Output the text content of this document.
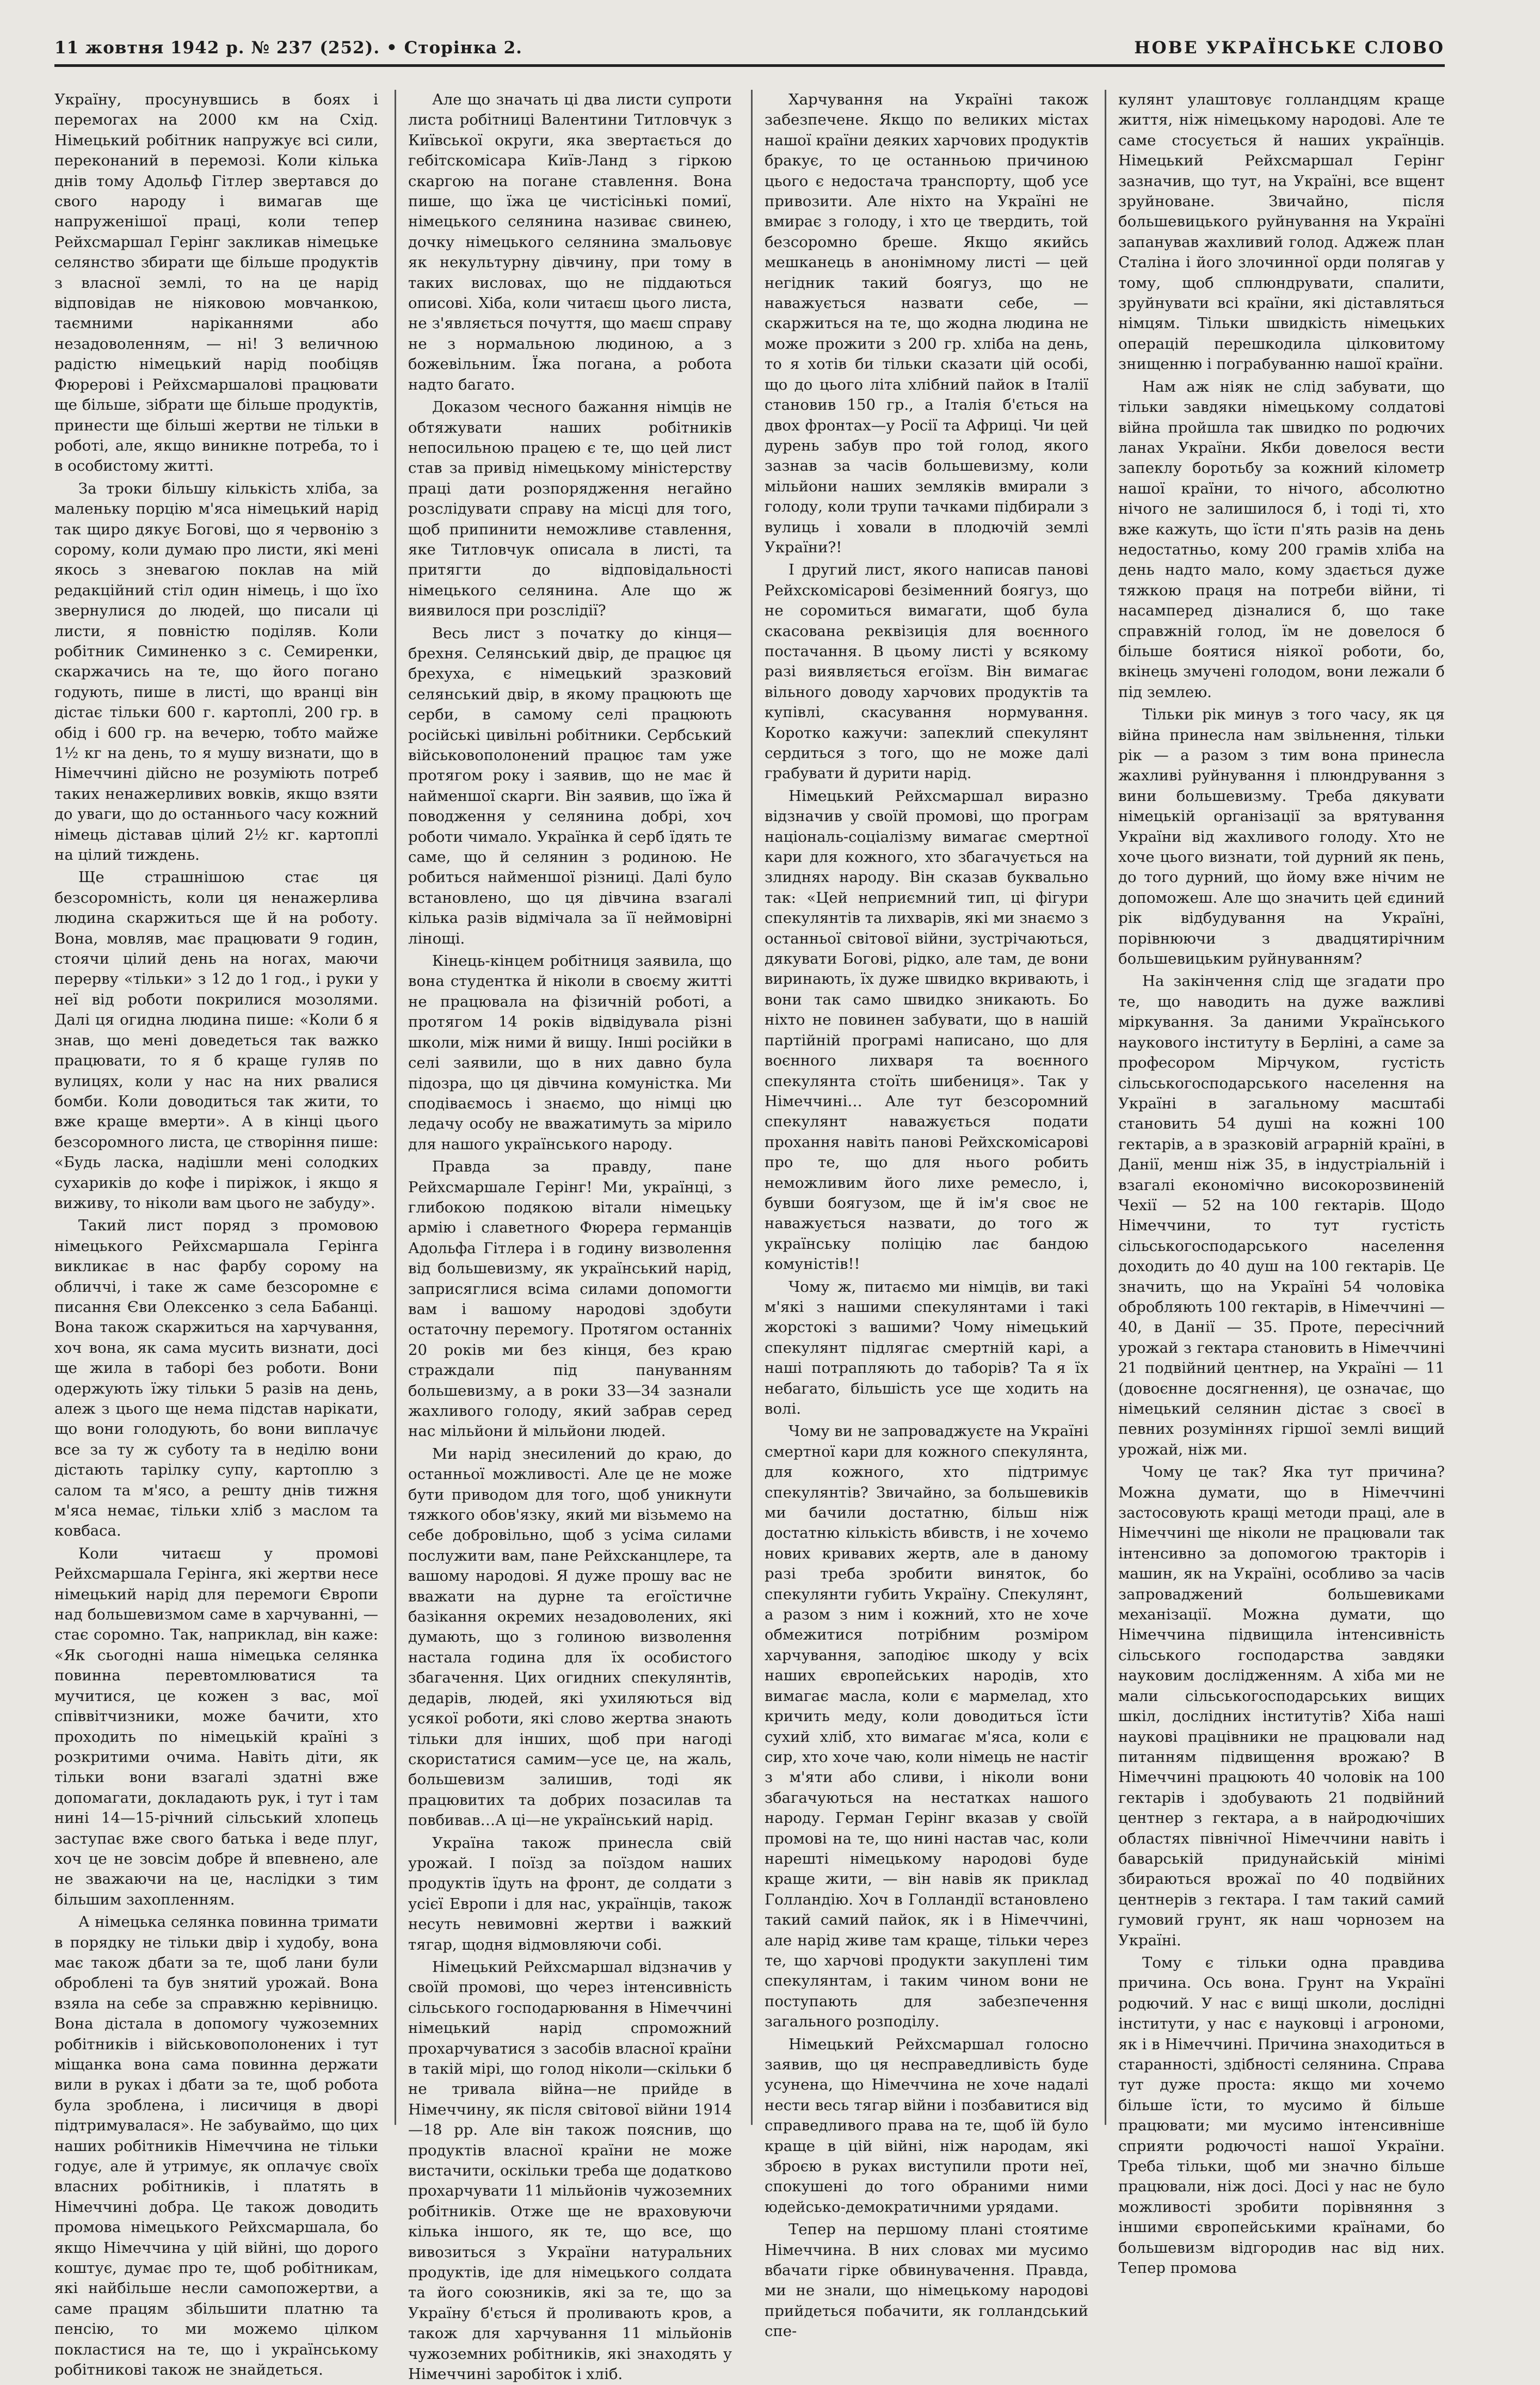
11 жовтня 1942 р. № 237 (252). • Сторінка 2.	НОВЕ УКРАЇНСЬКЕ СЛОВО

Україну, просунувшись в боях і перемогах на 2000 км на Схід. Німецький робітник напружує всі сили, переконаний в перемозі. Коли кілька днів тому Адольф Гітлер звертався до свого народу і вимагав ще напруженішої праці, коли тепер Рейхсмаршал Герінг закликав німецьке селянство збирати ще більше продуктів з власної землі, то на це нарід відповідав не ніяковою мовчанкою, таємними наріканнями або незадоволенням, — ні! З величною радістю німецький нарід пообіцяв Фюрерові і Рейхсмаршалові працювати ще більше, зібрати ще більше продуктів, принести ще більші жертви не тільки в роботі, але, якщо виникне потреба, то і в особистому житті.

За троки більшу кількість хліба, за маленьку порцію м'яса німецький нарід так щиро дякує Богові, що я червонію з сорому, коли думаю про листи, які мені якось з зневагою поклав на мій редакційний стіл один німець, і що їхо звернулися до людей, що писали ці листи, я повністю поділяв. Коли робітник Симиненко з с. Семиренки, скаржачись на те, що його погано годують, пише в листі, що вранці він дістає тільки 600 г. картоплі, 200 гр. в обід і 600 гр. на вечерю, тобто майже 1½ кг на день, то я мушу визнати, що в Німеччині дійсно не розуміють потреб таких ненажерливих вовків, якщо взяти до уваги, що до останнього часу кожний німець діставав цілий 2½ кг. картоплі на цілий тиждень.

Ще страшнішою стає ця безсоромність, коли ця ненажерлива людина скаржиться ще й на роботу. Вона, мовляв, має працювати 9 годин, стоячи цілий день на ногах, маючи перерву «тільки» з 12 до 1 год., і руки у неї від роботи покрилися мозолями. Далі ця огидна людина пише: «Коли б я знав, що мені доведеться так важко працювати, то я б краще гуляв по вулицях, коли у нас на них рвалися бомби. Коли доводиться так жити, то вже краще вмерти». А в кінці цього безсоромного листа, це створіння пише: «Будь ласка, надішли мені солодких сухариків до кофе і пиріжок, і якщо я виживу, то ніколи вам цього не забуду».

Такий лист поряд з промовою німецького Рейхсмаршала Герінга викликає в нас фарбу сорому на обличчі, і таке ж саме безсоромне є писання Єви Олексенко з села Бабанці. Вона також скаржиться на харчування, хоч вона, як сама мусить визнати, досі ще жила в таборі без роботи. Вони одержують їжу тільки 5 разів на день, алеж з цього ще нема підстав нарікати, що вони голодують, бо вони виплачує все за ту ж суботу та в неділю вони дістають тарілку супу, картоплю з салом та м'ясо, а решту днів тижня м'яса немає, тільки хліб з маслом та ковбаса.

Коли читаєш у промові Рейхсмаршала Герінга, які жертви несе німецький нарід для перемоги Європи над большевизмом саме в харчуванні, — стає соромно. Так, наприклад, він каже: «Як сьогодні наша німецька селянка повинна перевтомлюватися та мучитися, це кожен з вас, мої співвітчизники, може бачити, хто проходить по німецькій країні з розкритими очима. Навіть діти, як тільки вони взагалі здатні вже допомагати, докладають рук, і тут і там нині 14—15-річний сільський хлопець заступає вже свого батька і веде плуг, хоч це не зовсім добре й впевнено, але не зважаючи на це, наслідки з тим більшим захопленням.

А німецька селянка повинна тримати в порядку не тільки двір і худобу, вона має також дбати за те, щоб лани були оброблені та був знятий урожай. Вона взяла на себе за справжню керівницю. Вона дістала в допомогу чужоземних робітників і військовополонених і тут міщанка вона сама повинна держати вили в руках і дбати за те, щоб робота була зроблена, і лисичиця в дворі підтримувалася». Не забуваймо, що цих наших робітників Німеччина не тільки годує, але й утримує, як оплачує своїх власних робітників, і платять в Німеччині добра. Це також доводить промова німецького Рейхсмаршала, бо якщо Німеччина у цій війні, що дорого коштує, думає про те, щоб робітникам, які найбільше несли самопожертви, а саме працям збільшити платню та пенсію, то ми можемо цілком покластися на те, що і українському робітникові також не знайдеться.

Але що значать ці два листи супроти листа робітниці Валентини Титловчук з Київської округи, яка звертається до гебітскомісара Київ-Ланд з гіркою скаргою на погане ставлення. Вона пише, що їжа це чистісінькі помиї, німецького селянина називає свинею, дочку німецького селянина змальовує як некультурну дівчину, при тому в таких висловах, що не піддаються описові. Хіба, коли читаєш цього листа, не з'являється почуття, що маєш справу не з нормальною людиною, а з божевільним. Їжа погана, а робота надто багато.

Доказом чесного бажання німців не обтяжувати наших робітників непосильною працею є те, що цей лист став за привід німецькому міністерству праці дати розпорядження негайно розслідувати справу на місці для того, щоб припинити неможливе ставлення, яке Титловчук описала в листі, та притягти до відповідальності німецького селянина. Але що ж виявилося при розслідії?

Весь лист з початку до кінця—брехня. Селянський двір, де працює ця брехуха, є німецький зразковий селянський двір, в якому працюють ще серби, в самому селі працюють російські цивільні робітники. Сербський військовополонений працює там уже протягом року і заявив, що не має й найменшої скарги. Він заявив, що їжа й поводження у селянина добрі, хоч роботи чимало. Українка й серб їдять те саме, що й селянин з родиною. Не робиться найменшої різниці. Далі було встановлено, що ця дівчина взагалі кілька разів відмічала за її неймовірні лінощі.

Кінець-кінцем робітниця заявила, що вона студентка й ніколи в своєму житті не працювала на фізичній роботі, а протягом 14 років відвідувала різні школи, між ними й вищу. Інші російки в селі заявили, що в них давно була підозра, що ця дівчина комуністка. Ми сподіваємось і знаємо, що німці цю ледачу особу не вважатимуть за мірило для нашого українського народу.

Правда за правду, пане Рейхсмаршале Герінг! Ми, українці, з глибокою подякою вітали німецьку армію і славетного Фюрера германців Адольфа Гітлера і в годину визволення від большевизму, як український нарід, заприсяглися всіма силами допомогти вам і вашому народові здобути остаточну перемогу. Протягом останніх 20 років ми без кінця, без краю страждали під пануванням большевизму, а в роки 33—34 зазнали жахливого голоду, який забрав серед нас мільйони й мільйони людей.

Ми нарід знесилений до краю, до останньої можливості. Але це не може бути приводом для того, щоб уникнути тяжкого обов'язку, який ми візьмемо на себе добровільно, щоб з усіма силами послужити вам, пане Рейхсканцлере, та вашому народові. Я дуже прошу вас не вважати на дурне та егоїстичне базікання окремих незадоволених, які думають, що з голиною визволення настала година для їх особистого збагачення. Цих огидних спекулянтів, дедарів, людей, які ухиляються від усякої роботи, які слово жертва знають тільки для інших, щоб при нагоді скористатися самим—усе це, на жаль, большевизм залишив, тоді як працювитих та добрих позасилав та повбивав…А ці—не український нарід.

Україна також принесла свій урожай. І поїзд за поїздом наших продуктів їдуть на фронт, де солдати з усієї Европи і для нас, українців, також несуть невимовні жертви і важкий тягар, щодня відмовляючи собі.

Німецький Рейхсмаршал відзначив у своїй промові, що через інтенсивність сільського господарювання в Німеччині німецький нарід спроможний прохарчуватися з засобів власної країни в такій мірі, що голод ніколи—скільки б не тривала війна—не прийде в Німеччину, як після світової війни 1914—18 рр. Але він також пояснив, що продуктів власної країни не може вистачити, оскільки треба ще додатково прохарчувати 11 мільйонів чужоземних робітників. Отже ще не враховуючи кілька іншого, як те, що все, що вивозиться з України натуральних продуктів, іде для німецького солдата та його союзників, які за те, що за Україну б'ється й проливають кров, а також для харчування 11 мільйонів чужоземних робітників, які знаходять у Німеччині заробіток і хліб.

Харчування на Україні також забезпечене. Якщо по великих містах нашої країни деяких харчових продуктів бракує, то це останньою причиною цього є недостача транспорту, щоб усе привозити. Але ніхто на Україні не вмирає з голоду, і хто це твердить, той безсоромно бреше. Якщо якийсь мешканець в анонімному листі — цей негідник такий боягуз, що не наважується назвати себе, — скаржиться на те, що жодна людина не може прожити з 200 гр. хліба на день, то я хотів би тільки сказати цій особі, що до цього літа хлібний пайок в Італії становив 150 гр., а Італія б'ється на двох фронтах—у Росії та Африці. Чи цей дурень забув про той голод, якого зазнав за часів большевизму, коли мільйони наших земляків вмирали з голоду, коли трупи тачками підбирали з вулиць і ховали в плодючій землі України?!

І другий лист, якого написав панові Рейхскомісарові безіменний боягуз, що не соромиться вимагати, щоб була скасована реквізиція для воєнного постачання. В цьому листі у всякому разі виявляється егоїзм. Він вимагає вільного доводу харчових продуктів та купівлі, скасування нормування. Коротко кажучи: запеклий спекулянт сердиться з того, що не може далі грабувати й дурити нарід.

Німецький Рейхсмаршал виразно відзначив у своїй промові, що програм національ-соціалізму вимагає смертної кари для кожного, хто збагачується на злиднях народу. Він сказав буквально так: «Цей неприємний тип, ці фігури спекулянтів та лихварів, які ми знаємо з останньої світової війни, зустрічаються, дякувати Богові, рідко, але там, де вони виринають, їх дуже швидко вкривають, і вони так само швидко зникають. Бо ніхто не повинен забувати, що в нашій партійній програмі написано, що для воєнного лихваря та воєнного спекулянта стоїть шибениця». Так у Німеччині… Але тут безсоромний спекулянт наважується подати прохання навіть панові Рейхскомісарові про те, що для нього робить неможливим його лихе ремесло, і, бувши боягузом, ще й ім'я своє не наважується назвати, до того ж українську поліцію лає бандою комуністів!!

Чому ж, питаємо ми німців, ви такі м'які з нашими спекулянтами і такі жорстокі з вашими? Чому німецький спекулянт підлягає смертній карі, а наші потрапляють до таборів? Та я їх небагато, більшість усе ще ходить на волі.

Чому ви не запроваджуєте на Україні смертної кари для кожного спекулянта, для кожного, хто підтримує спекулянтів? Звичайно, за большевиків ми бачили достатню, більш ніж достатню кількість вбивств, і не хочемо нових кривавих жертв, але в даному разі треба зробити виняток, бо спекулянти губить Україну. Спекулянт, а разом з ним і кожний, хто не хоче обмежитися потрібним розміром харчування, заподіює шкоду у всіх наших європейських народів, хто вимагає масла, коли є мармелад, хто кричить меду, коли доводиться їсти сухий хліб, хто вимагає м'яса, коли є сир, хто хоче чаю, коли німець не настіг з м'яти або сливи, і ніколи вони збагачуються на нестатках нашого народу. Герман Герінг вказав у своїй промові на те, що нині настав час, коли нарешті німецькому народові буде краще жити, — він навів як приклад Голландію. Хоч в Голландії встановлено такий самий пайок, як і в Німеччині, але нарід живе там краще, тільки через те, що харчові продукти закуплені тим спекулянтам, і таким чином вони не поступають для забезпечення загального розподілу.

Німецький Рейхсмаршал голосно заявив, що ця несправедливість буде усунена, що Німеччина не хоче надалі нести весь тягар війни і позбавитися від справедливого права на те, щоб їй було краще в цій війні, ніж народам, які зброєю в руках виступили проти неї, спокушені до того обраними ними юдейсько-демократичними урядами.

Тепер на першому плані стоятиме Німеччина. В них словах ми мусимо вбачати гірке обвинувачення. Правда, ми не знали, що німецькому народові прийдеться побачити, як голландський спе-

кулянт улаштовує голландцям краще життя, ніж німецькому народові. Але те саме стосується й наших українців. Німецький Рейхсмаршал Герінг зазначив, що тут, на Україні, все вщент зруйноване. Звичайно, після большевицького руйнування на Україні запанував жахливий голод. Аджеж план Сталіна і його злочинної орди полягав у тому, щоб сплюндрувати, спалити, зруйнувати всі країни, які діставляться німцям. Тільки швидкість німецьких операцій перешкодила цілковитому знищенню і пограбуванню нашої країни.

Нам аж ніяк не слід забувати, що тільки завдяки німецькому солдатові війна пройшла так швидко по родючих ланах України. Якби довелося вести запеклу боротьбу за кожний кілометр нашої країни, то нічого, абсолютно нічого не залишилося б, і тоді ті, хто вже кажуть, що їсти п'ять разів на день недостатньо, кому 200 грамів хліба на день надто мало, кому здається дуже тяжкою праця на потреби війни, ті насамперед дізналися б, що таке справжній голод, їм не довелося б більше боятися ніякої роботи, бо, вкінець змучені голодом, вони лежали б під землею.

Тільки рік минув з того часу, як ця війна принесла нам звільнення, тільки рік — а разом з тим вона принесла жахливі руйнування і плюндрування з вини большевизму. Треба дякувати німецькій організації за врятування України від жахливого голоду. Хто не хоче цього визнати, той дурний як пень, до того дурний, що йому вже нічим не допоможеш. Але що значить цей єдиний рік відбудування на Україні, порівнюючи з двадцятирічним большевицьким руйнуванням?

На закінчення слід ще згадати про те, що наводить на дуже важливі міркування. За даними Українського наукового інституту в Берліні, а саме за професором Мірчуком, густість сільськогосподарського населення на Україні в загальному масштабі становить 54 душі на кожні 100 гектарів, а в зразковій аграрній країні, в Данії, менш ніж 35, в індустріальній і взагалі економічно високорозвиненій Чехії — 52 на 100 гектарів. Щодо Німеччини, то тут густість сільськогосподарського населення доходить до 40 душ на 100 гектарів. Це значить, що на Україні 54 чоловіка обробляють 100 гектарів, в Німеччині — 40, в Данії — 35. Проте, пересічний урожай з гектара становить в Німеччині 21 подвійний центнер, на Україні — 11 (довоєнне досягнення), це означає, що німецький селянин дістає з своєї в певних розуміннях гіршої землі вищий урожай, ніж ми.

Чому це так? Яка тут причина? Можна думати, що в Німеччині застосовують кращі методи праці, але в Німеччині ще ніколи не працювали так інтенсивно за допомогою тракторів і машин, як на Україні, особливо за часів запроваджений большевиками механізації. Можна думати, що Німеччина підвищила інтенсивність сільського господарства завдяки науковим дослідженням. А хіба ми не мали сільськогосподарських вищих шкіл, дослідних інститутів? Хіба наші наукові працівники не працювали над питанням підвищення врожаю? В Німеччині працюють 40 чоловік на 100 гектарів і здобувають 21 подвійний центнер з гектара, а в найродючіших областях північної Німеччини навіть і баварській придунайській мінімі збираються врожаї по 40 подвійних центнерів з гектара. І там такий самий гумовий грунт, як наш чорнозем на Україні.

Тому є тільки одна правдива причина. Ось вона. Грунт на Україні родючий. У нас є вищі школи, дослідні інститути, у нас є науковці і агрономи, як і в Німеччині. Причина знаходиться в старанності, здібності селянина. Справа тут дуже проста: якщо ми хочемо більше їсти, то мусимо й більше працювати; ми мусимо інтенсивніше сприяти родючості нашої України. Треба тільки, щоб ми значно більше працювали, ніж досі. Досі у нас не було можливості зробити порівняння з іншими європейськими країнами, бо большевизм відгородив нас від них. Тепер промова
